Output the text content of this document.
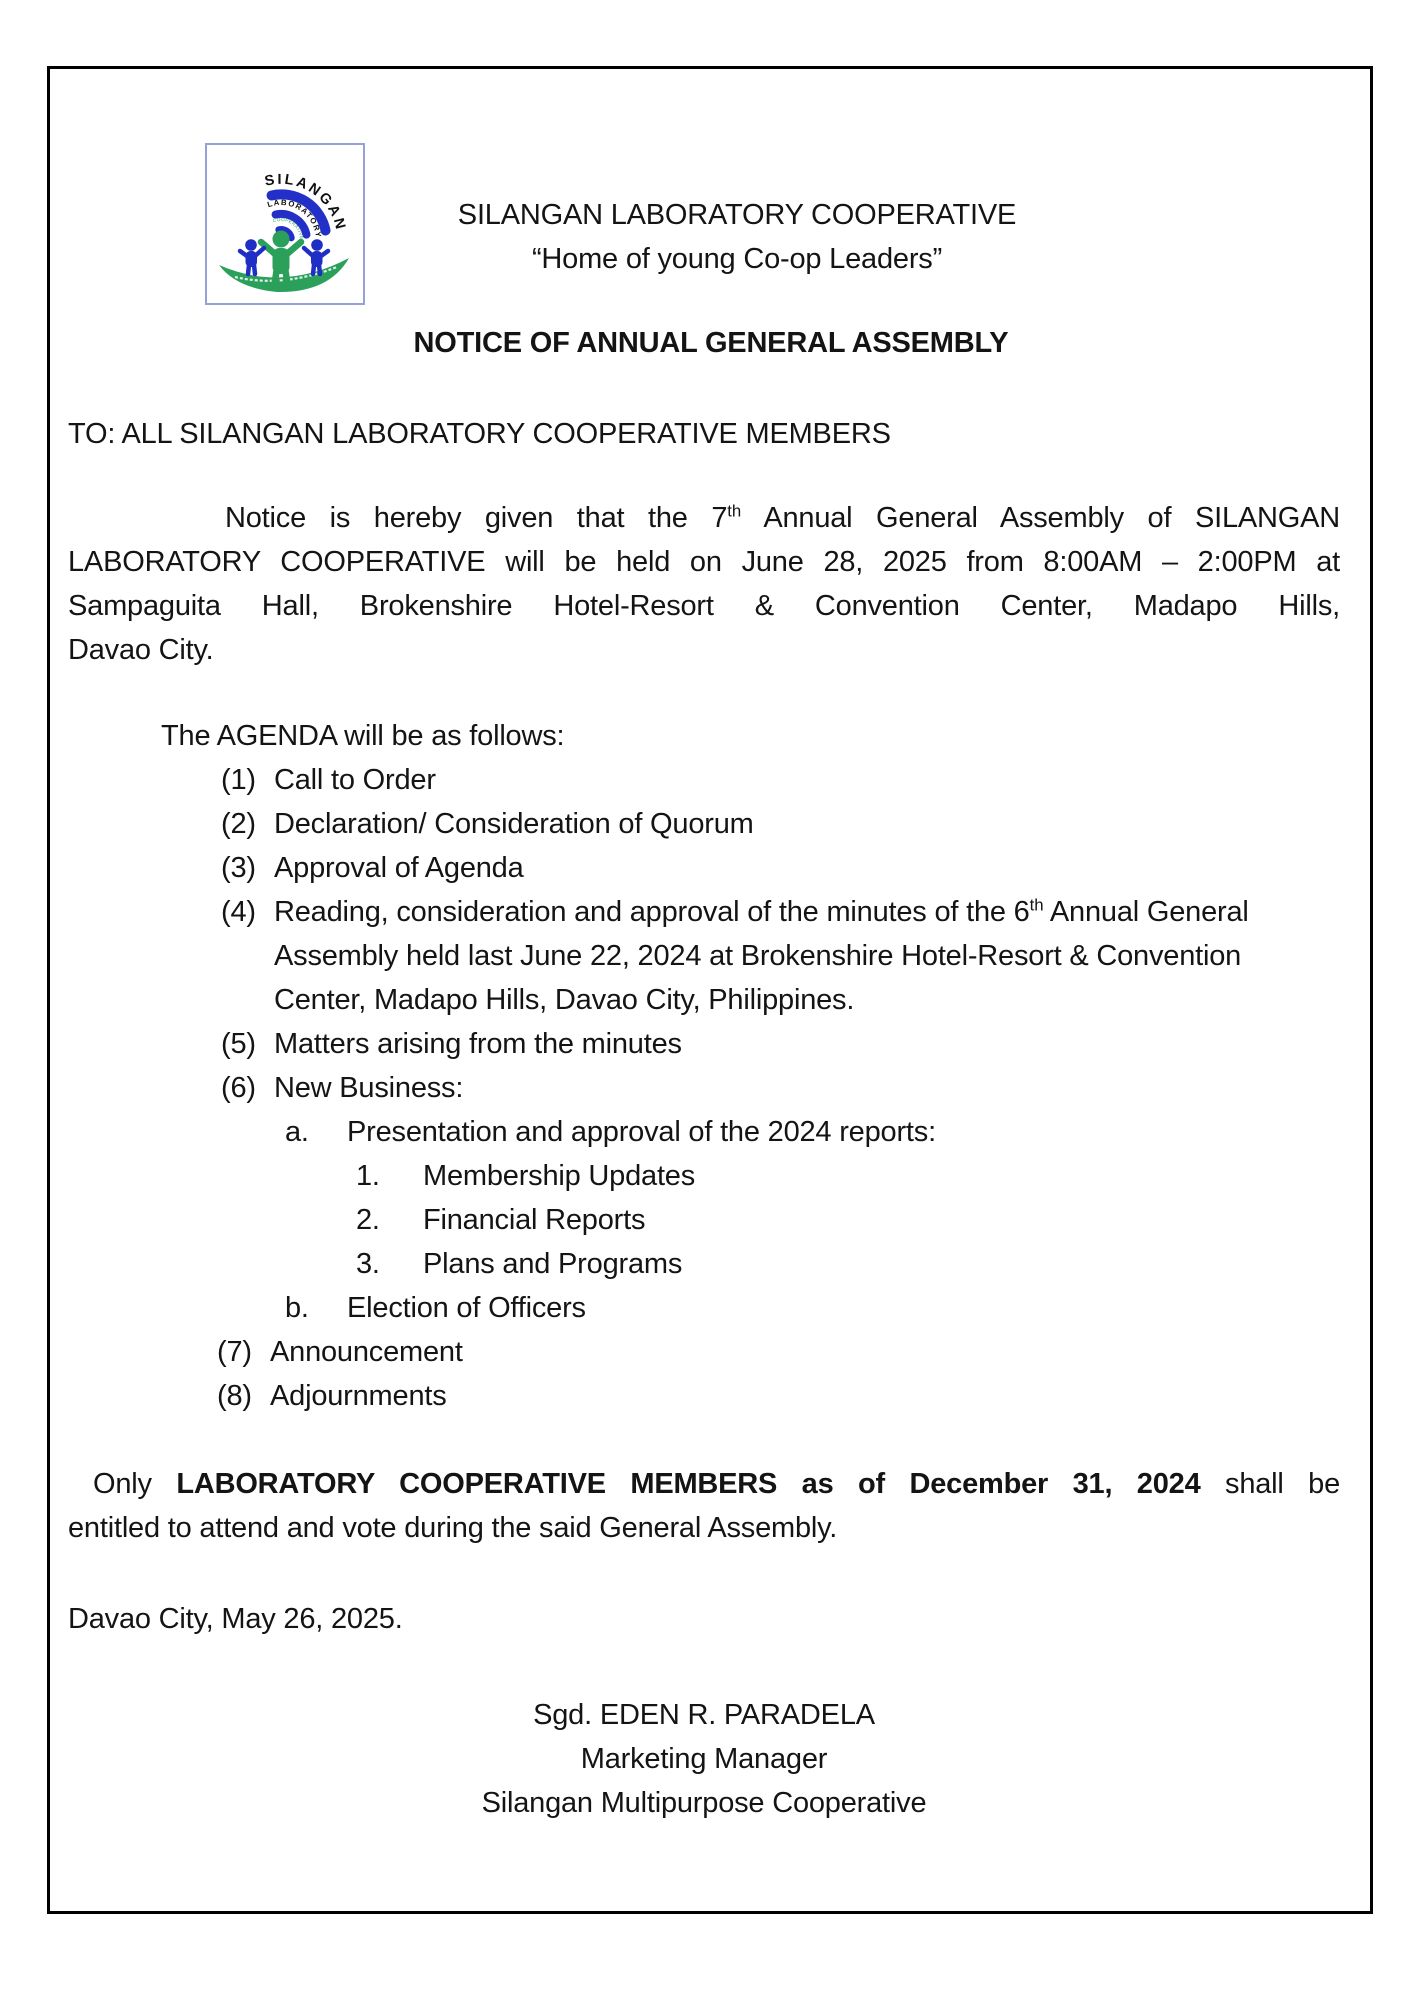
SILANGAN
LABORATORY
COOPERATIVE
SILANGAN LABORATORY COOPERATIVE
“Home of young Co-op Leaders”
NOTICE OF ANNUAL GENERAL ASSEMBLY
TO: ALL SILANGAN LABORATORY COOPERATIVE MEMBERS
Notice is hereby given that the 7th Annual General Assembly of SILANGAN
LABORATORY COOPERATIVE will be held on June 28, 2025 from 8:00AM – 2:00PM at
Sampaguita Hall, Brokenshire Hotel-Resort & Convention Center, Madapo Hills,
Davao City.
The AGENDA will be as follows:
(1) Call to Order
(2) Declaration/ Consideration of Quorum
(3) Approval of Agenda
(4) Reading, consideration and approval of the minutes of the 6th Annual General Assembly held last June 22, 2024 at Brokenshire Hotel-Resort & Convention Center, Madapo Hills, Davao City, Philippines.
(5) Matters arising from the minutes
(6) New Business:
a. Presentation and approval of the 2024 reports:
1. Membership Updates
2. Financial Reports
3. Plans and Programs
b. Election of Officers
(7) Announcement
(8) Adjournments
Only LABORATORY COOPERATIVE MEMBERS as of December 31, 2024 shall be
entitled to attend and vote during the said General Assembly.
Davao City, May 26, 2025.
Sgd. EDEN R. PARADELA
Marketing Manager
Silangan Multipurpose Cooperative
